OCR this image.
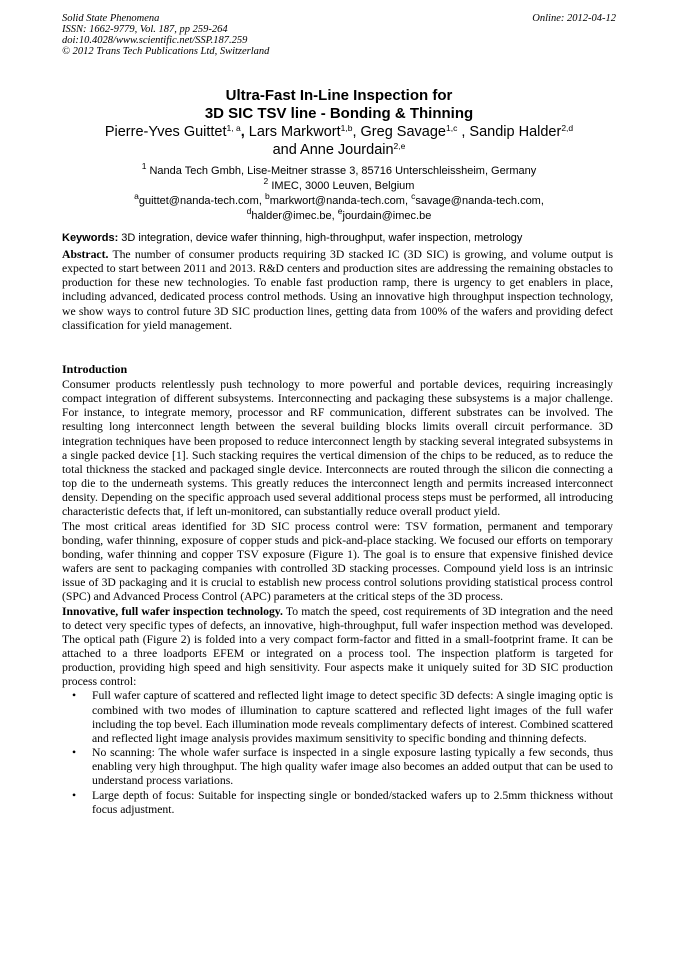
Solid State Phenomena
ISSN: 1662-9779, Vol. 187, pp 259-264
doi:10.4028/www.scientific.net/SSP.187.259
© 2012 Trans Tech Publications Ltd, Switzerland
Online: 2012-04-12
Ultra-Fast In-Line Inspection for
3D SIC TSV line - Bonding & Thinning
Pierre-Yves Guittet$^{1, a}$, Lars Markwort$^{1,b}$, Greg Savage$^{1,c}$ , Sandip Halder$^{2,d}$
and Anne Jourdain$^{2,e}$
$^1$ Nanda Tech Gmbh, Lise-Meitner strasse 3, 85716 Unterschleissheim, Germany
$^2$ IMEC, 3000 Leuven, Belgium
$^a$guittet@nanda-tech.com, $^b$markwort@nanda-tech.com, $^c$savage@nanda-tech.com,
$^d$halder@imec.be, $^e$jourdain@imec.be
Keywords: 3D integration, device wafer thinning, high-throughput, wafer inspection, metrology

Abstract. The number of consumer products requiring 3D stacked IC (3D SIC) is growing, and volume output is expected to start between 2011 and 2013. R&D centers and production sites are addressing the remaining obstacles to production for these new technologies. To enable fast production ramp, there is urgency to get enablers in place, including advanced, dedicated process control methods. Using an innovative high throughput inspection technology, we show ways to control future 3D SIC production lines, getting data from 100% of the wafers and providing defect classification for yield management.

Introduction

Consumer products relentlessly push technology to more powerful and portable devices, requiring increasingly compact integration of different subsystems. Interconnecting and packaging these subsystems is a major challenge. For instance, to integrate memory, processor and RF communication, different substrates can be involved. The resulting long interconnect length between the several building blocks limits overall circuit performance. 3D integration techniques have been proposed to reduce interconnect length by stacking several integrated subsystems in a single packed device [1]. Such stacking requires the vertical dimension of the chips to be reduced, as to reduce the total thickness the stacked and packaged single device. Interconnects are routed through the silicon die connecting a top die to the underneath systems. This greatly reduces the interconnect length and permits increased interconnect density. Depending on the specific approach used several additional process steps must be performed, all introducing characteristic defects that, if left un-monitored, can substantially reduce overall product yield.

The most critical areas identified for 3D SIC process control were: TSV formation, permanent and temporary bonding, wafer thinning, exposure of copper studs and pick-and-place stacking. We focused our efforts on temporary bonding, wafer thinning and copper TSV exposure (Figure 1). The goal is to ensure that expensive finished device wafers are sent to packaging companies with controlled 3D stacking processes. Compound yield loss is an intrinsic issue of 3D packaging and it is crucial to establish new process control solutions providing statistical process control (SPC) and Advanced Process Control (APC) parameters at the critical steps of the 3D process.

Innovative, full wafer inspection technology. To match the speed, cost requirements of 3D integration and the need to detect very specific types of defects, an innovative, high-throughput, full wafer inspection method was developed. The optical path (Figure 2) is folded into a very compact form-factor and fitted in a small-footprint frame. It can be attached to a three loadports EFEM or integrated on a process tool. The inspection platform is targeted for production, providing high speed and high sensitivity. Four aspects make it uniquely suited for 3D SIC production process control:

• Full wafer capture of scattered and reflected light image to detect specific 3D defects: A single imaging optic is combined with two modes of illumination to capture scattered and reflected light images of the full wafer including the top bevel. Each illumination mode reveals complimentary defects of interest. Combined scattered and reflected light image analysis provides maximum sensitivity to specific bonding and thinning defects.
• No scanning: The whole wafer surface is inspected in a single exposure lasting typically a few seconds, thus enabling very high throughput. The high quality wafer image also becomes an added output that can be used to understand process variations.
• Large depth of focus: Suitable for inspecting single or bonded/stacked wafers up to 2.5mm thickness without focus adjustment.
